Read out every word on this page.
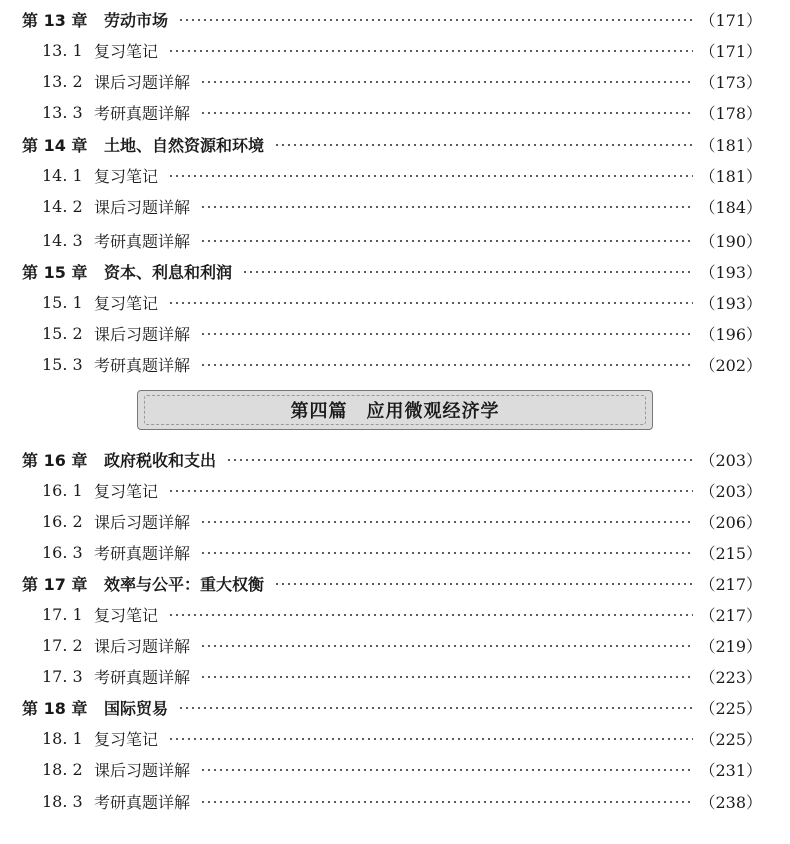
第四篇　应用微观经济学
第 13 章 劳动市场	（171）
13. 1 复习笔记	（171）
13. 2 课后习题详解	（173）
13. 3 考研真题详解	（178）
第 14 章 土地、自然资源和环境	（181）
14. 1 复习笔记	（181）
14. 2 课后习题详解	（184）
14. 3 考研真题详解	（190）
第 15 章 资本、利息和利润	（193）
15. 1 复习笔记	（193）
15. 2 课后习题详解	（196）
15. 3 考研真题详解	（202）
第 16 章 政府税收和支出	（203）
16. 1 复习笔记	（203）
16. 2 课后习题详解	（206）
16. 3 考研真题详解	（215）
第 17 章 效率与公平：重大权衡	（217）
17. 1 复习笔记	（217）
17. 2 课后习题详解	（219）
17. 3 考研真题详解	（223）
第 18 章 国际贸易	（225）
18. 1 复习笔记	（225）
18. 2 课后习题详解	（231）
18. 3 考研真题详解	（238）
